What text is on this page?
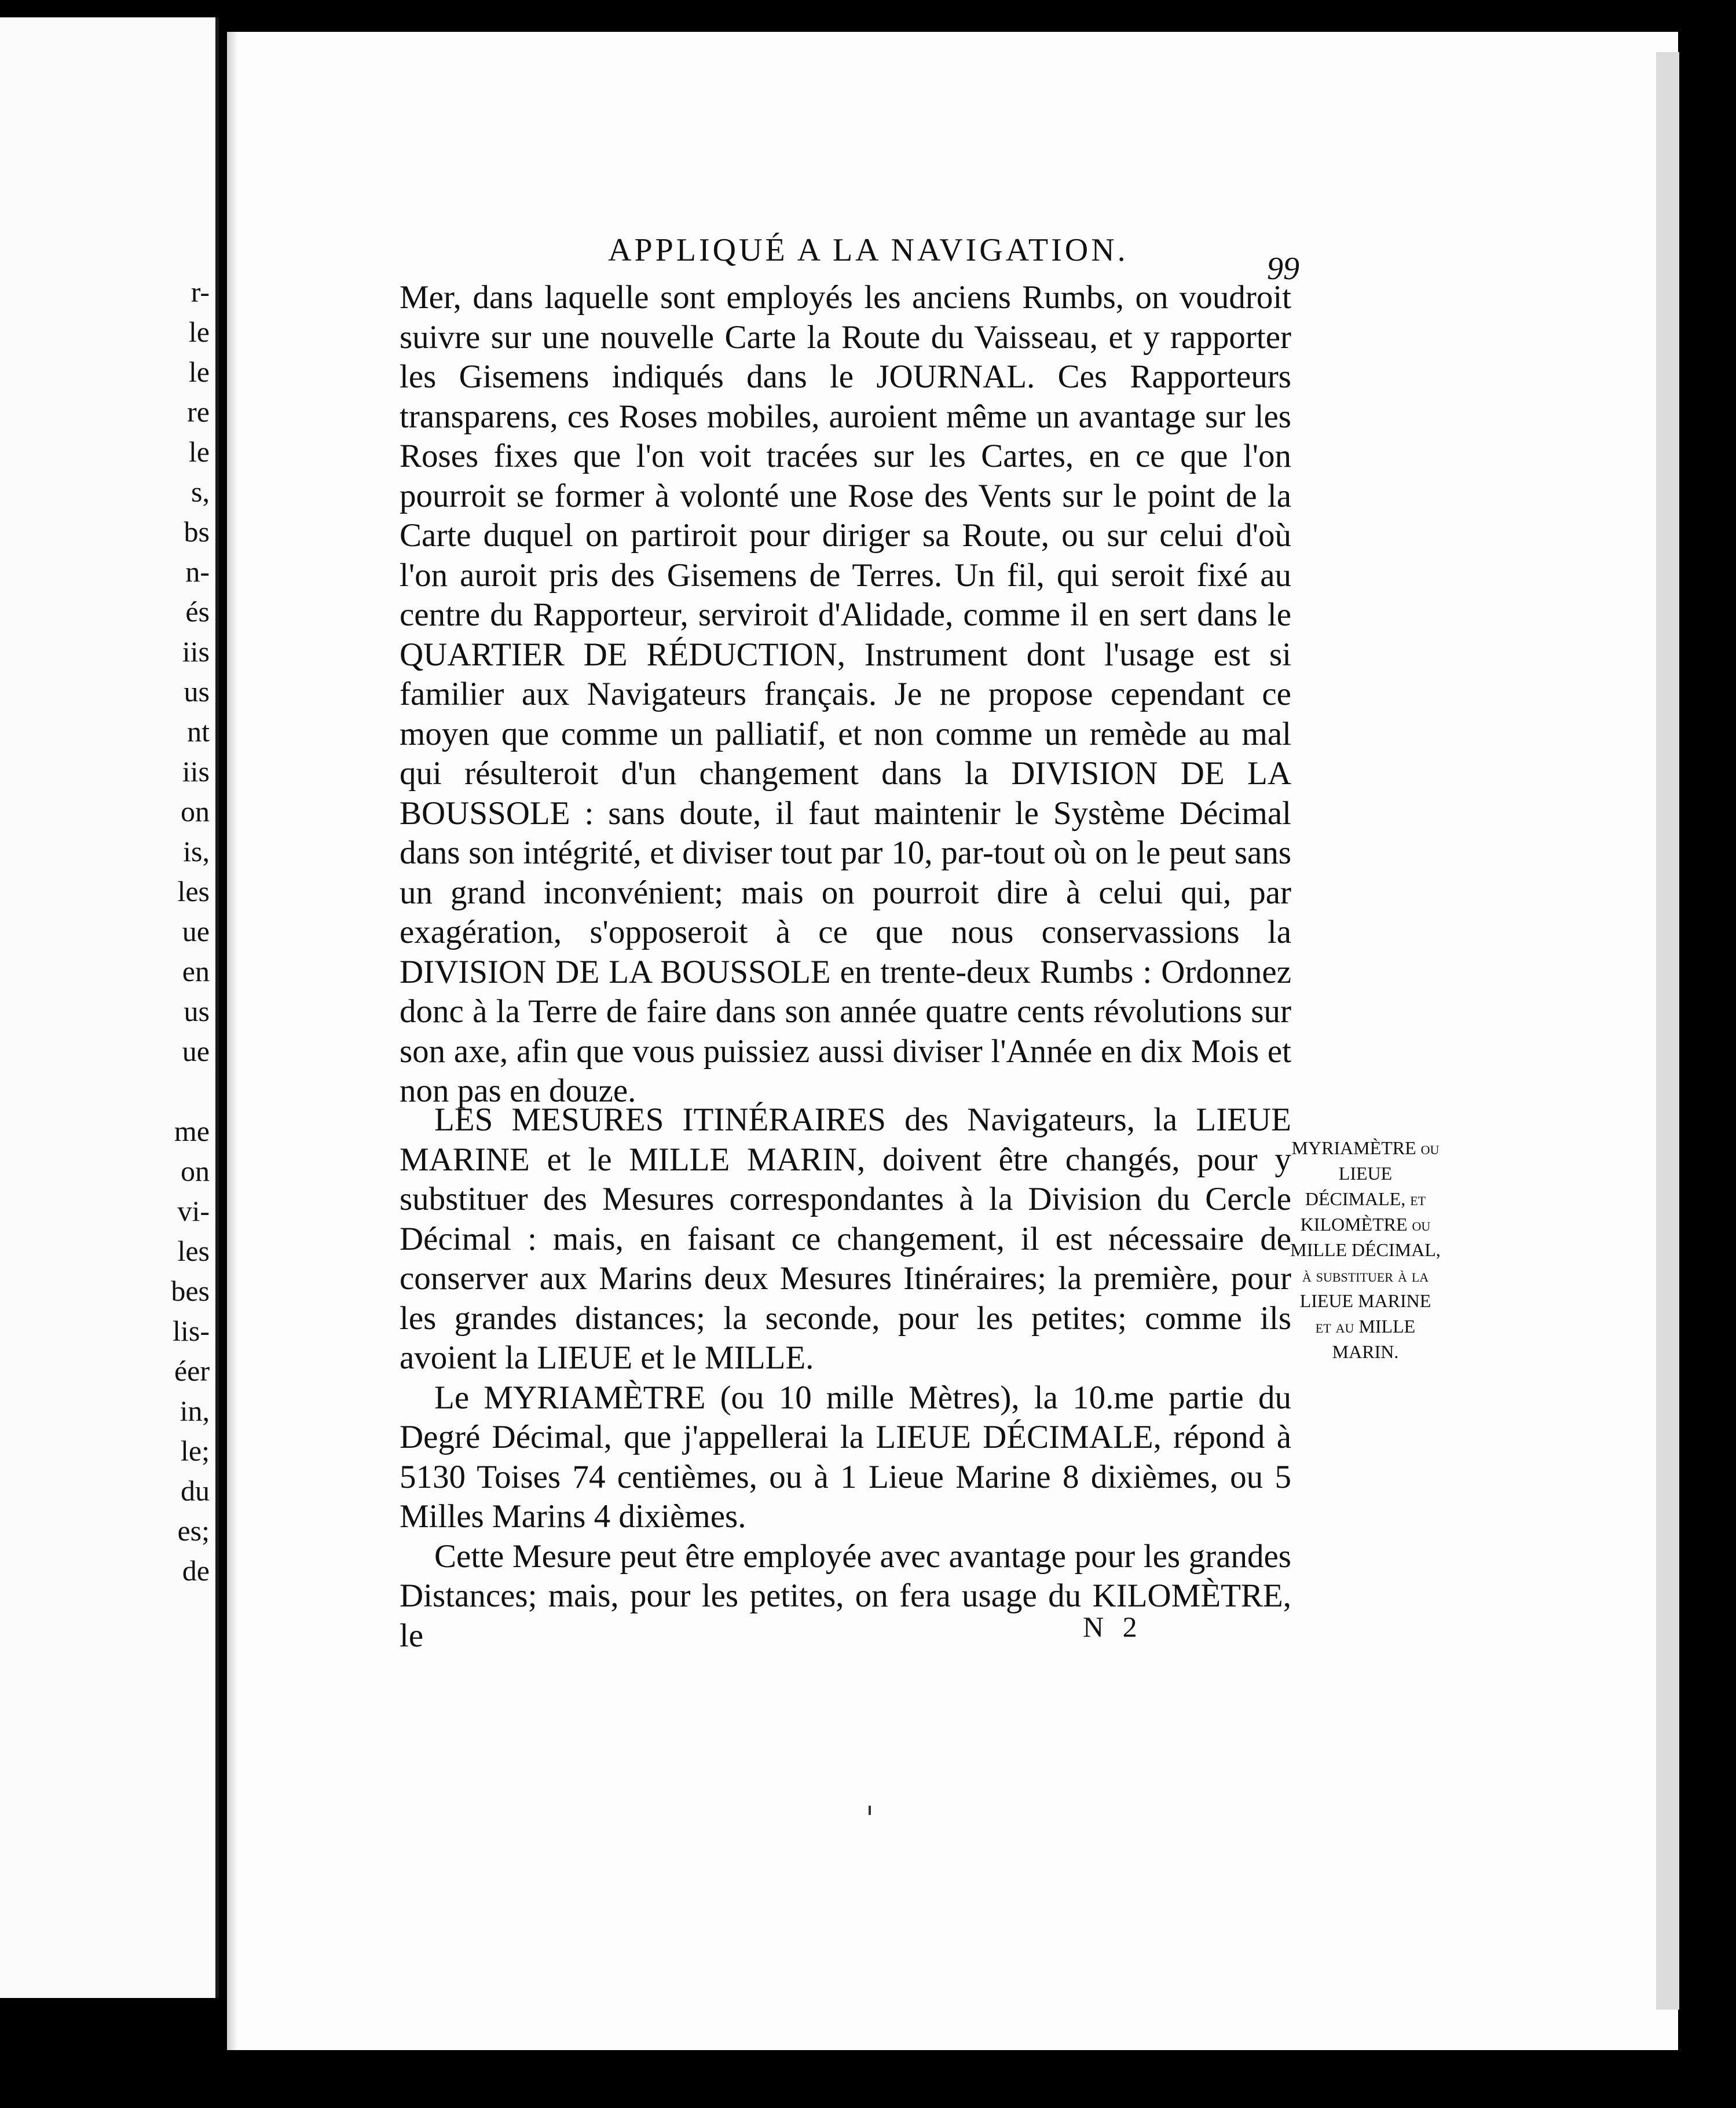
r-
le
le
re
le
s,
bs
n-
és
iis
us
nt
iis
on
is,
les
ue
en
us
ue
me
on
vi-
les
bes
lis-
éer
in,
le;
du
es;
de
APPLIQUÉ A LA NAVIGATION.
99

Mer, dans laquelle sont employés les anciens Rumbs, on voudroit suivre sur une nouvelle Carte la Route du Vaisseau, et y rapporter les Gisemens indiqués dans le JOURNAL. Ces Rapporteurs transparens, ces Roses mobiles, auroient même un avantage sur les Roses fixes que l'on voit tracées sur les Cartes, en ce que l'on pourroit se former à volonté une Rose des Vents sur le point de la Carte duquel on partiroit pour diriger sa Route, ou sur celui d'où l'on auroit pris des Gisemens de Terres. Un fil, qui seroit fixé au centre du Rapporteur, serviroit d'Alidade, comme il en sert dans le QUARTIER DE RÉDUCTION, Instrument dont l'usage est si familier aux Navigateurs français. Je ne propose cependant ce moyen que comme un palliatif, et non comme un remède au mal qui résulteroit d'un changement dans la DIVISION DE LA BOUSSOLE : sans doute, il faut maintenir le Système Décimal dans son intégrité, et diviser tout par 10, par-tout où on le peut sans un grand inconvénient; mais on pourroit dire à celui qui, par exagération, s'opposeroit à ce que nous conservassions la DIVISION DE LA BOUSSOLE en trente-deux Rumbs : Ordonnez donc à la Terre de faire dans son année quatre cents révolutions sur son axe, afin que vous puissiez aussi diviser l'Année en dix Mois et non pas en douze.

LES MESURES ITINÉRAIRES des Navigateurs, la LIEUE MARINE et le MILLE MARIN, doivent être changés, pour y substituer des Mesures correspondantes à la Division du Cercle Décimal : mais, en faisant ce changement, il est nécessaire de conserver aux Marins deux Mesures Itinéraires; la première, pour les grandes distances; la seconde, pour les petites; comme ils avoient la LIEUE et le MILLE.

Le MYRIAMÈTRE (ou 10 mille Mètres), la 10.me partie du Degré Décimal, que j'appellerai la LIEUE DÉCIMALE, répond à 5130 Toises 74 centièmes, ou à 1 Lieue Marine 8 dixièmes, ou 5 Milles Marins 4 dixièmes.

Cette Mesure peut être employée avec avantage pour les grandes Distances; mais, pour les petites, on fera usage du KILOMÈTRE, le

MYRIAMÈTRE ou LIEUE DÉCIMALE, et KILOMÈTRE ou MILLE DÉCIMAL, à substituer à la LIEUE MARINE et au MILLE MARIN.
N 2
